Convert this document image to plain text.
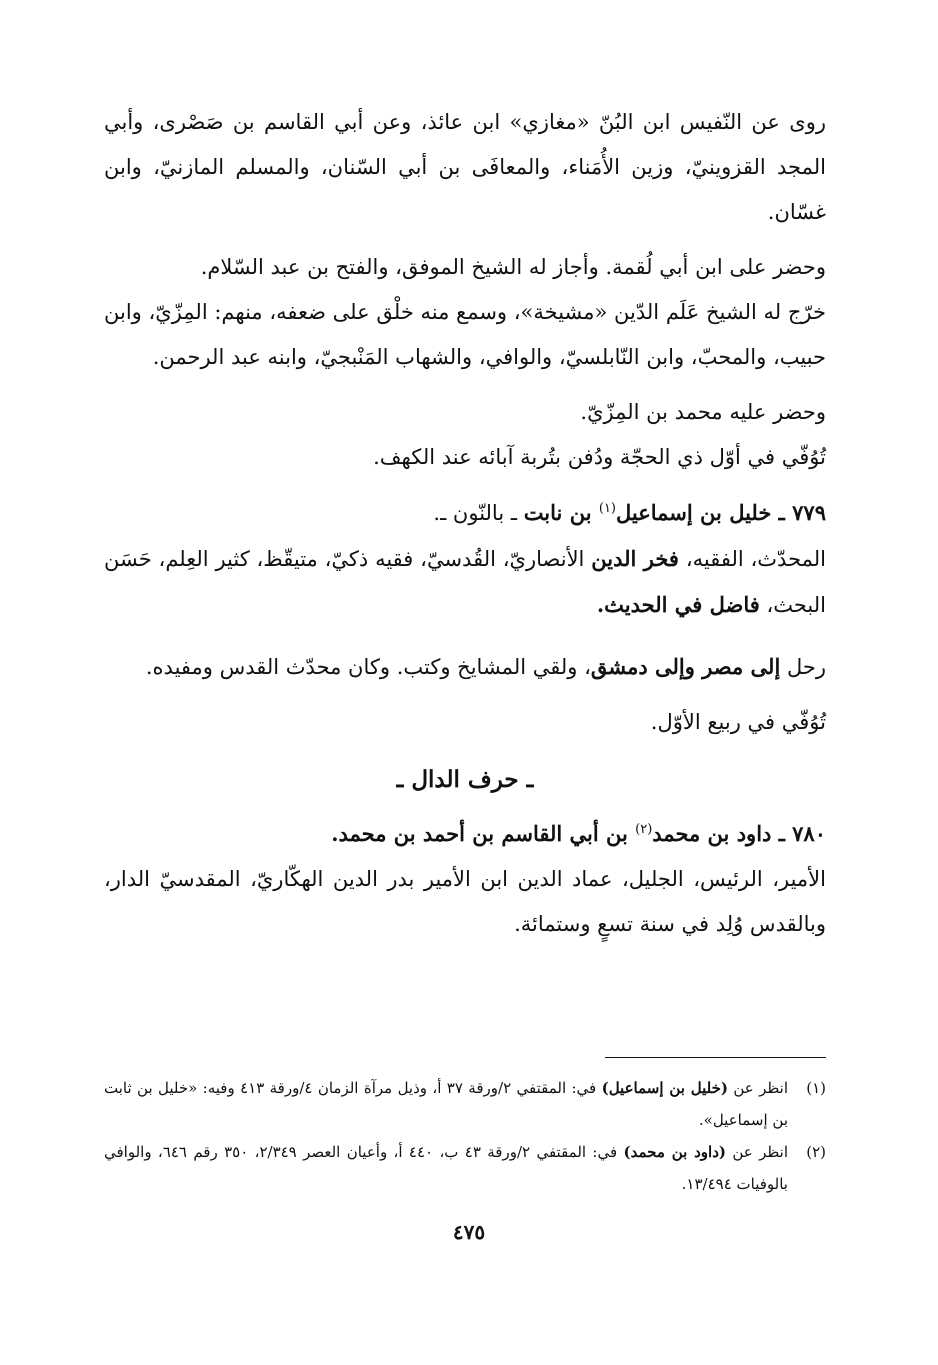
روى عن النّفيس ابن البُنّ «مغازي» ابن عائذ، وعن أبي القاسم بن صَصْرى، وأبي المجد القزوينيّ، وزين الأُمَناء، والمعافَى بن أبي السّنان، والمسلم المازنيّ، وابن غسّان.

وحضر على ابن أبي لُقمة. وأجاز له الشيخ الموفق، والفتح بن عبد السّلام.

خرّج له الشيخ عَلَم الدّين «مشيخة»، وسمع منه خلْق على ضعفه، منهم: المِزّيّ، وابن حبيب، والمحبّ، وابن النّابلسيّ، والوافي، والشهاب المَنْبجيّ، وابنه عبد الرحمن.

وحضر عليه محمد بن المِزّيّ.

تُوُفّي في أوّل ذي الحجّة ودُفن بتُربة آبائه عند الكهف.

٧٧٩ ـ خليل بن إسماعيل$^{(١)}$ بن نابت ـ بالنّون ـ.

المحدّث، الفقيه، فخر الدين الأنصاريّ، القُدسيّ، فقيه ذكيّ، متيقّظ، كثير العِلم، حَسَن البحث، فاضل في الحديث.

رحل إلى مصر وإلى دمشق، ولقي المشايخ وكتب. وكان محدّث القدس ومفيده.

تُوُفّي في ربيع الأوّل.

ـ حرف الدال ـ

٧٨٠ ـ داود بن محمد$^{(٢)}$ بن أبي القاسم بن أحمد بن محمد.

الأمير، الرئيس، الجليل، عماد الدين ابن الأمير بدر الدين الهكّاريّ، المقدسيّ الدار، وبالقدس وُلِد في سنة تسعٍ وستمائة.

(١)
انظر عن (خليل بن إسماعيل) في: المقتفي ٢/ورقة ٣٧ أ، وذيل مرآة الزمان ٤/ورقة ٤١٣ وفيه: «خليل بن ثابت بن إسماعيل».
(٢)
انظر عن (داود بن محمد) في: المقتفي ٢/ورقة ٤٣ ب، ٤٤٠ أ، وأعيان العصر ٢/٣٤٩، ٣٥٠ رقم ٦٤٦، والوافي بالوفيات ١٣/٤٩٤.
٤٧٥
